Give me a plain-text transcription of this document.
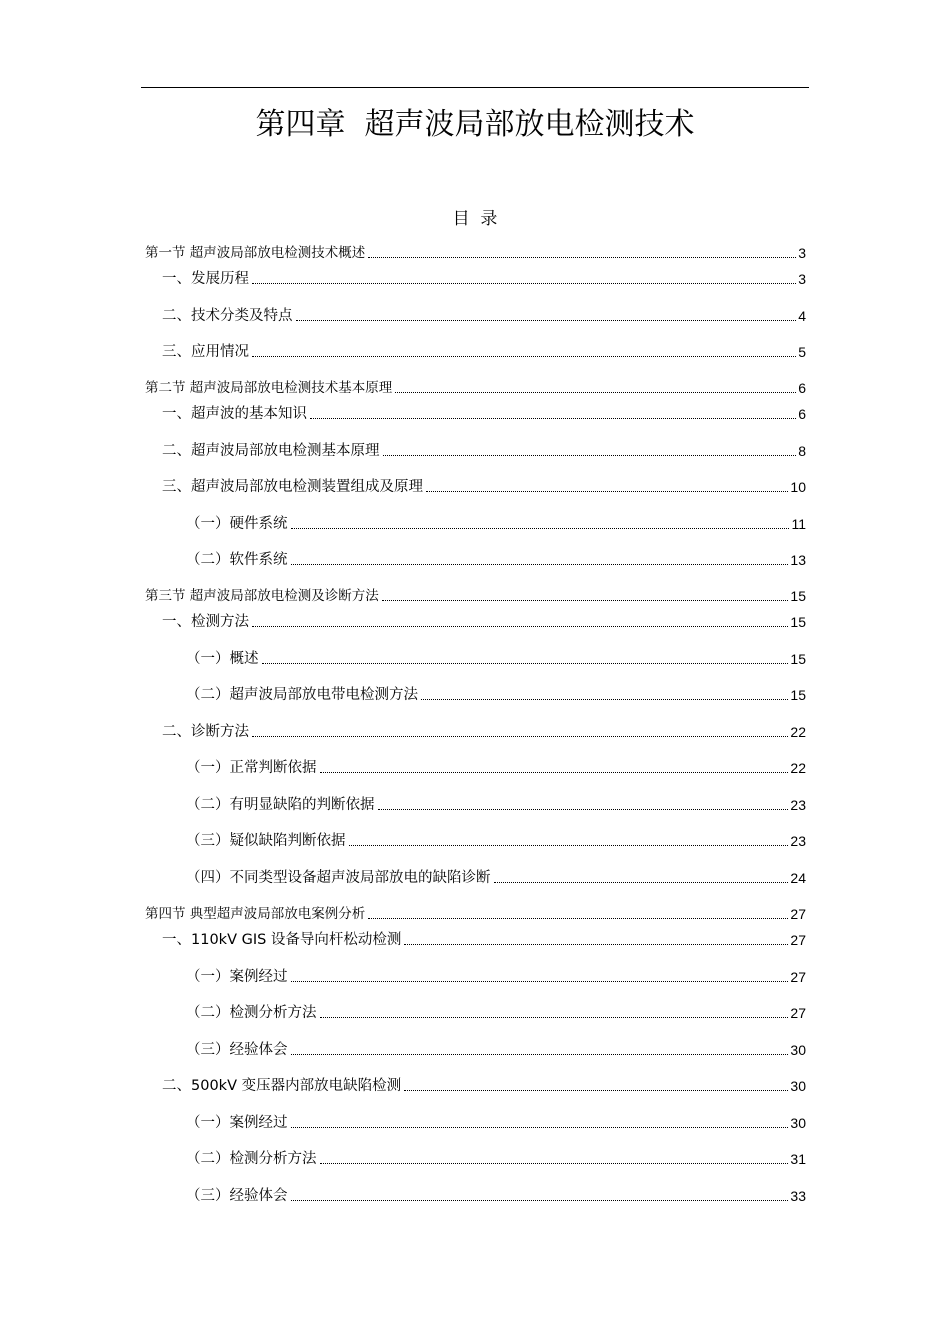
第四章  超声波局部放电检测技术
目  录
第一节 超声波局部放电检测技术概述	3
一、发展历程	3
二、技术分类及特点	4
三、应用情况	5
第二节 超声波局部放电检测技术基本原理	6
一、超声波的基本知识	6
二、超声波局部放电检测基本原理	8
三、超声波局部放电检测装置组成及原理	10
（一）硬件系统	11
（二）软件系统	13
第三节 超声波局部放电检测及诊断方法	15
一、检测方法	15
（一）概述	15
（二）超声波局部放电带电检测方法	15
二、诊断方法	22
（一）正常判断依据	22
（二）有明显缺陷的判断依据	23
（三）疑似缺陷判断依据	23
（四）不同类型设备超声波局部放电的缺陷诊断	24
第四节 典型超声波局部放电案例分析	27
一、110kV GIS 设备导向杆松动检测	27
（一）案例经过	27
（二）检测分析方法	27
（三）经验体会	30
二、500kV 变压器内部放电缺陷检测	30
（一）案例经过	30
（二）检测分析方法	31
（三）经验体会	33
